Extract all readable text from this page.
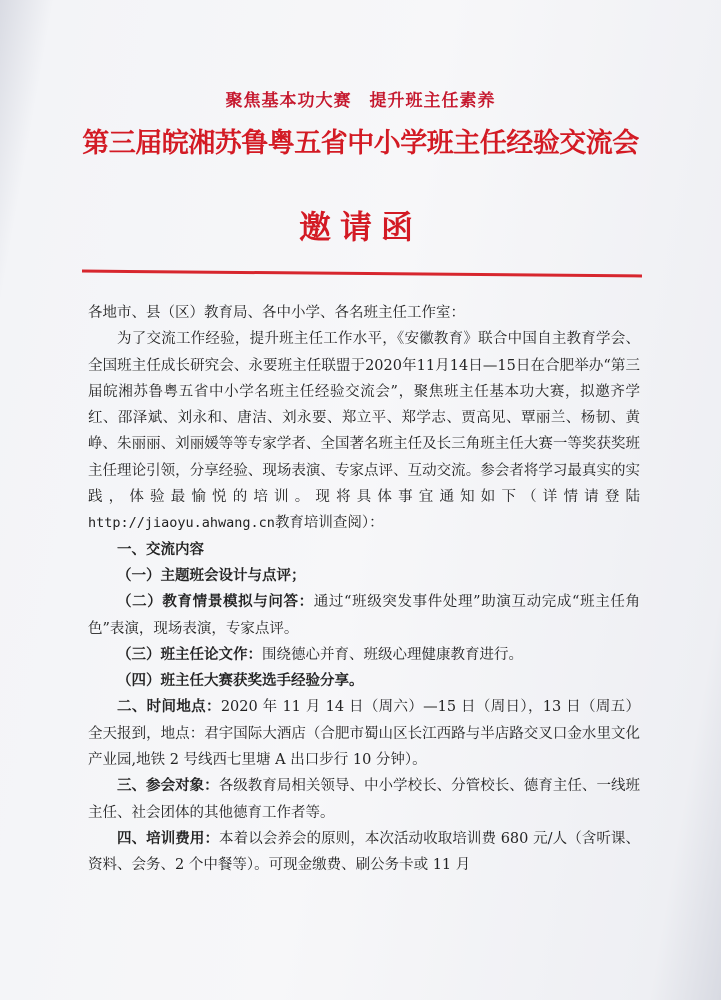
聚焦基本功大赛　提升班主任素养
第三届皖湘苏鲁粤五省中小学班主任经验交流会
邀请函

各地市、县（区）教育局、各中小学、各名班主任工作室：

为了交流工作经验，提升班主任工作水平，《安徽教育》联合中国自主教育学会、全国班主任成长研究会、永要班主任联盟于2020年11月14日—15日在合肥举办“第三届皖湘苏鲁粤五省中小学名班主任经验交流会”，聚焦班主任基本功大赛，拟邀齐学红、邵泽斌、刘永和、唐洁、刘永要、郑立平、郑学志、贾高见、覃丽兰、杨韧、黄峥、朱丽丽、刘丽媛等等专家学者、全国著名班主任及长三角班主任大赛一等奖获奖班主任理论引领，分享经验、现场表演、专家点评、互动交流。参会者将学习最真实的实践，体验最愉悦的培训。现将具体事宜通知如下（详情请登陆http://jiaoyu.ahwang.cn教育培训查阅）：

一、交流内容

（一）主题班会设计与点评；

（二）教育情景模拟与问答：通过“班级突发事件处理”助演互动完成“班主任角色”表演，现场表演，专家点评。

（三）班主任论文作：围绕德心并育、班级心理健康教育进行。

（四）班主任大赛获奖选手经验分享。

二、时间地点：2020 年 11 月 14 日（周六）—15 日（周日），13 日（周五）全天报到，地点：君宇国际大酒店（合肥市蜀山区长江西路与半店路交叉口金水里文化产业园,地铁 2 号线西七里塘 A 出口步行 10 分钟）。

三、参会对象：各级教育局相关领导、中小学校长、分管校长、德育主任、一线班主任、社会团体的其他德育工作者等。

四、培训费用：本着以会养会的原则，本次活动收取培训费 680 元/人（含听课、资料、会务、2 个中餐等）。可现金缴费、刷公务卡或 11 月
